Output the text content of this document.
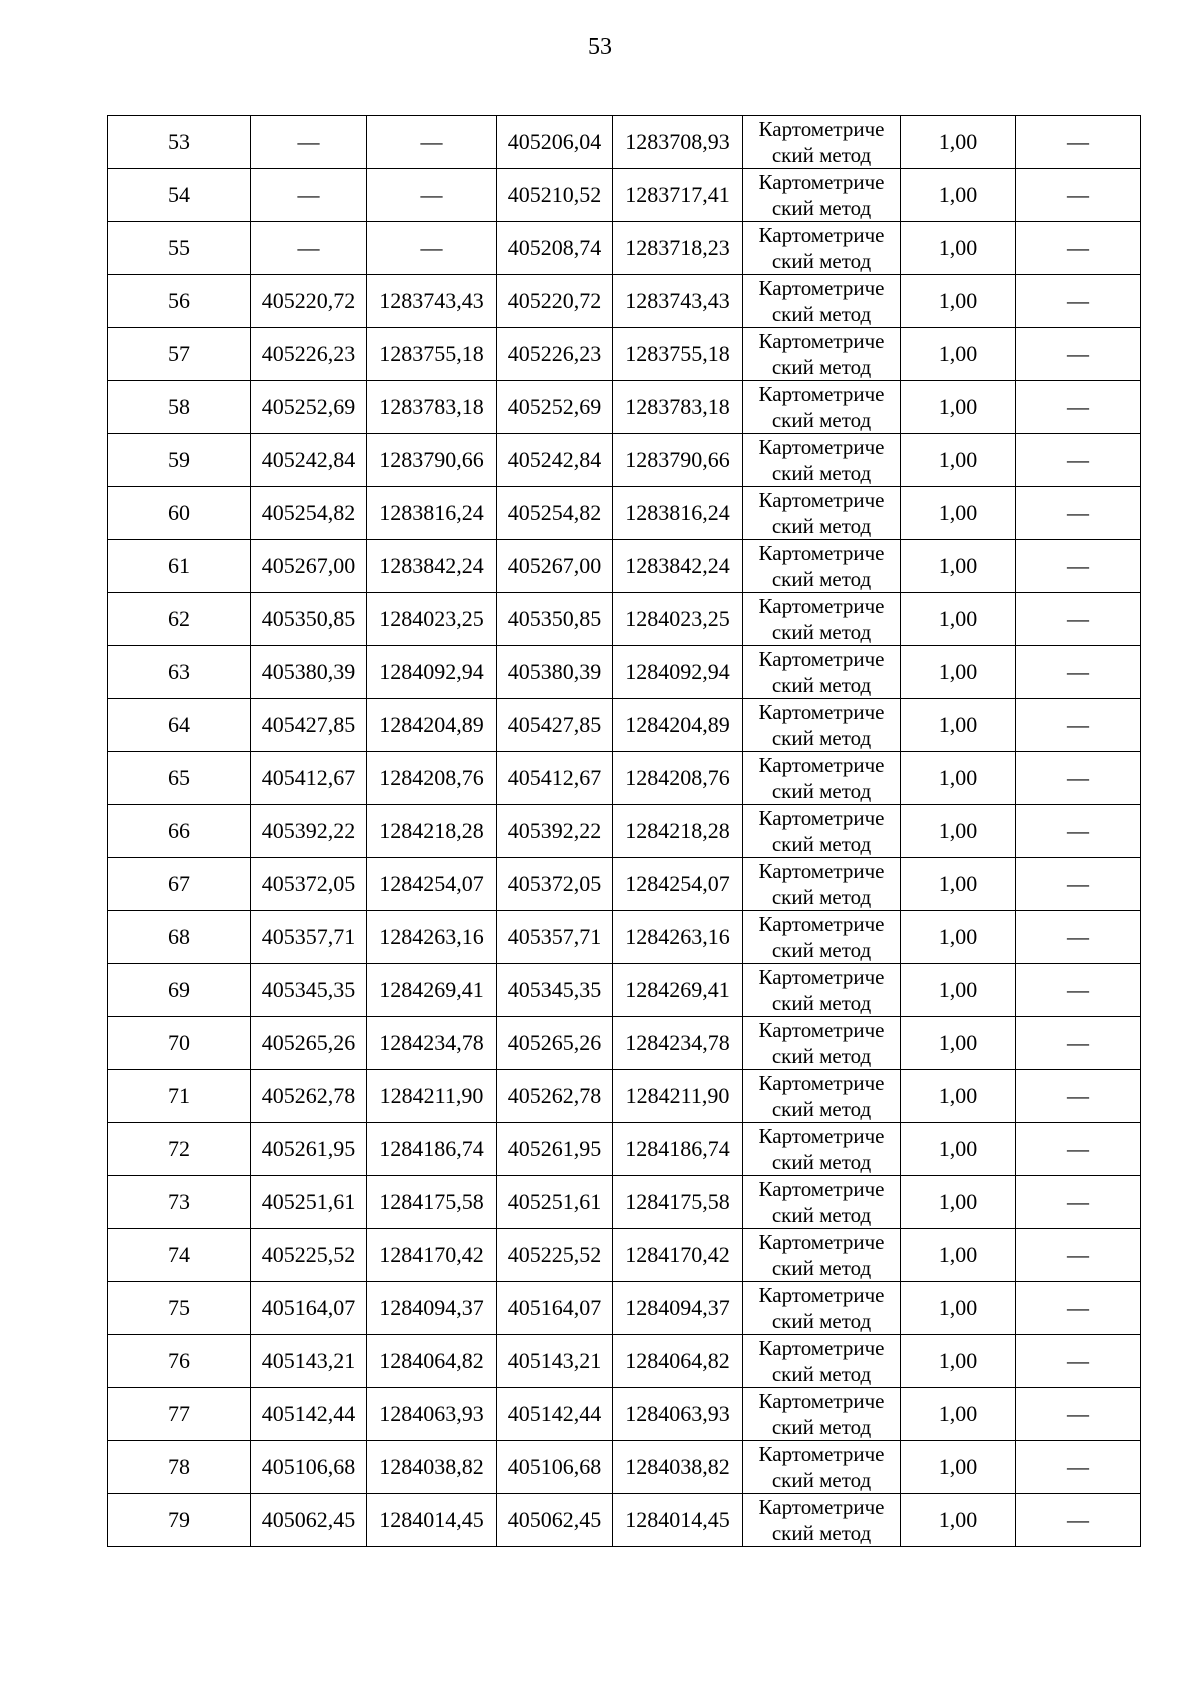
53
53	—	—	405206,04	1283708,93	Картометриче
ский метод	1,00	—
54	—	—	405210,52	1283717,41	Картометриче
ский метод	1,00	—
55	—	—	405208,74	1283718,23	Картометриче
ский метод	1,00	—
56	405220,72	1283743,43	405220,72	1283743,43	Картометриче
ский метод	1,00	—
57	405226,23	1283755,18	405226,23	1283755,18	Картометриче
ский метод	1,00	—
58	405252,69	1283783,18	405252,69	1283783,18	Картометриче
ский метод	1,00	—
59	405242,84	1283790,66	405242,84	1283790,66	Картометриче
ский метод	1,00	—
60	405254,82	1283816,24	405254,82	1283816,24	Картометриче
ский метод	1,00	—
61	405267,00	1283842,24	405267,00	1283842,24	Картометриче
ский метод	1,00	—
62	405350,85	1284023,25	405350,85	1284023,25	Картометриче
ский метод	1,00	—
63	405380,39	1284092,94	405380,39	1284092,94	Картометриче
ский метод	1,00	—
64	405427,85	1284204,89	405427,85	1284204,89	Картометриче
ский метод	1,00	—
65	405412,67	1284208,76	405412,67	1284208,76	Картометриче
ский метод	1,00	—
66	405392,22	1284218,28	405392,22	1284218,28	Картометриче
ский метод	1,00	—
67	405372,05	1284254,07	405372,05	1284254,07	Картометриче
ский метод	1,00	—
68	405357,71	1284263,16	405357,71	1284263,16	Картометриче
ский метод	1,00	—
69	405345,35	1284269,41	405345,35	1284269,41	Картометриче
ский метод	1,00	—
70	405265,26	1284234,78	405265,26	1284234,78	Картометриче
ский метод	1,00	—
71	405262,78	1284211,90	405262,78	1284211,90	Картометриче
ский метод	1,00	—
72	405261,95	1284186,74	405261,95	1284186,74	Картометриче
ский метод	1,00	—
73	405251,61	1284175,58	405251,61	1284175,58	Картометриче
ский метод	1,00	—
74	405225,52	1284170,42	405225,52	1284170,42	Картометриче
ский метод	1,00	—
75	405164,07	1284094,37	405164,07	1284094,37	Картометриче
ский метод	1,00	—
76	405143,21	1284064,82	405143,21	1284064,82	Картометриче
ский метод	1,00	—
77	405142,44	1284063,93	405142,44	1284063,93	Картометриче
ский метод	1,00	—
78	405106,68	1284038,82	405106,68	1284038,82	Картометриче
ский метод	1,00	—
79	405062,45	1284014,45	405062,45	1284014,45	Картометриче
ский метод	1,00	—
